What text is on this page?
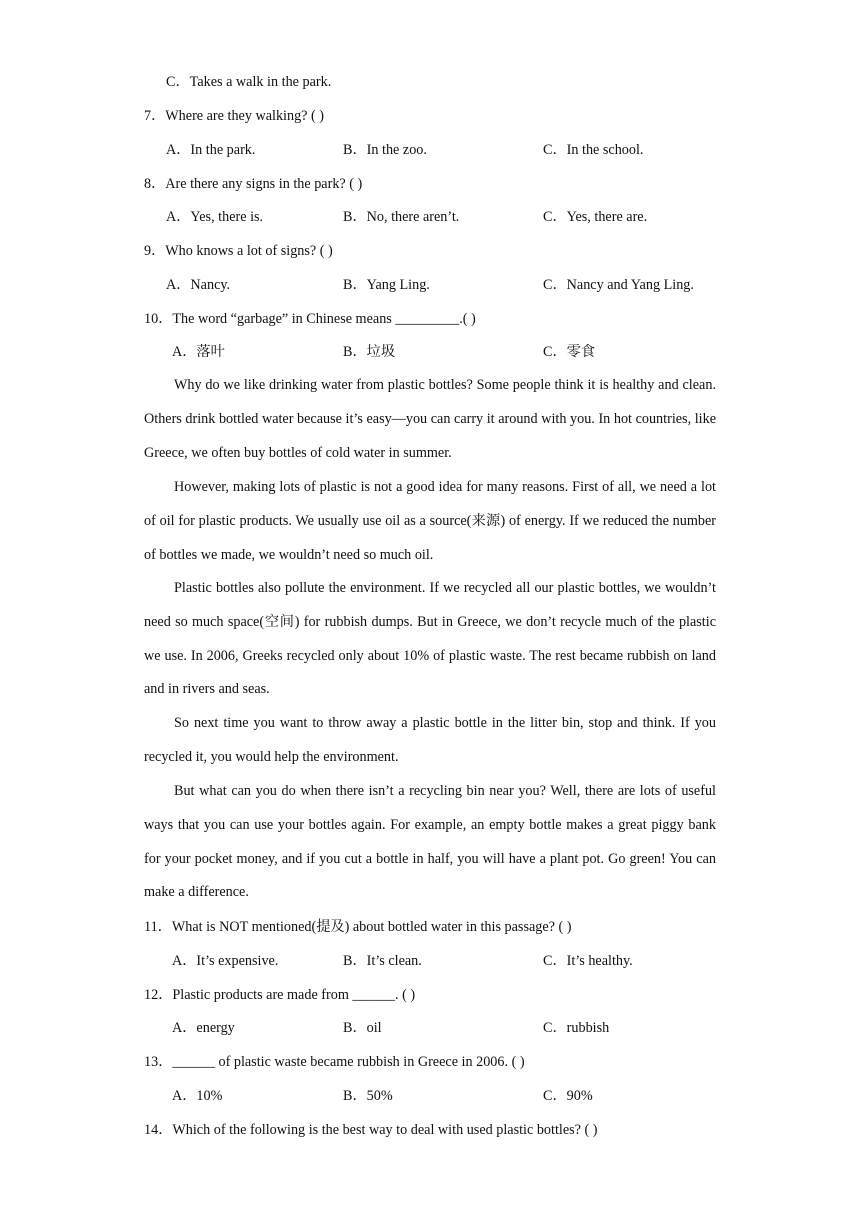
C．Takes a walk in the park.
7．Where are they walking? ( )
A．In the park.	B．In the zoo.	C．In the school.
8．Are there any signs in the park? ( )
A．Yes, there is.	B．No, there aren’t.	C．Yes, there are.
9．Who knows a lot of signs? ( )
A．Nancy.	B．Yang Ling.	C．Nancy and Yang Ling.
10．The word “garbage” in Chinese means _________.( )
A．落叶	B．垃圾	C．零食
Why do we like drinking water from plastic bottles? Some people think it is healthy and clean. Others drink bottled water because it’s easy—you can carry it around with you. In hot countries, like Greece, we often buy bottles of cold water in summer.
However, making lots of plastic is not a good idea for many reasons. First of all, we need a lot of oil for plastic products. We usually use oil as a source(来源) of energy. If we reduced the number of bottles we made, we wouldn’t need so much oil.
Plastic bottles also pollute the environment. If we recycled all our plastic bottles, we wouldn’t need so much space(空间) for rubbish dumps. But in Greece, we don’t recycle much of the plastic we use. In 2006, Greeks recycled only about 10% of plastic waste. The rest became rubbish on land and in rivers and seas.
So next time you want to throw away a plastic bottle in the litter bin, stop and think. If you recycled it, you would help the environment.
But what can you do when there isn’t a recycling bin near you? Well, there are lots of useful ways that you can use your bottles again. For example, an empty bottle makes a great piggy bank for your pocket money, and if you cut a bottle in half, you will have a plant pot. Go green! You can make a difference.
11．What is NOT mentioned(提及) about bottled water in this passage? ( )
A．It’s expensive.	B．It’s clean.	C．It’s healthy.
12．Plastic products are made from ______. ( )
A．energy	B．oil	C．rubbish
13．______ of plastic waste became rubbish in Greece in 2006. ( )
A．10%	B．50%	C．90%
14．Which of the following is the best way to deal with used plastic bottles? ( )
